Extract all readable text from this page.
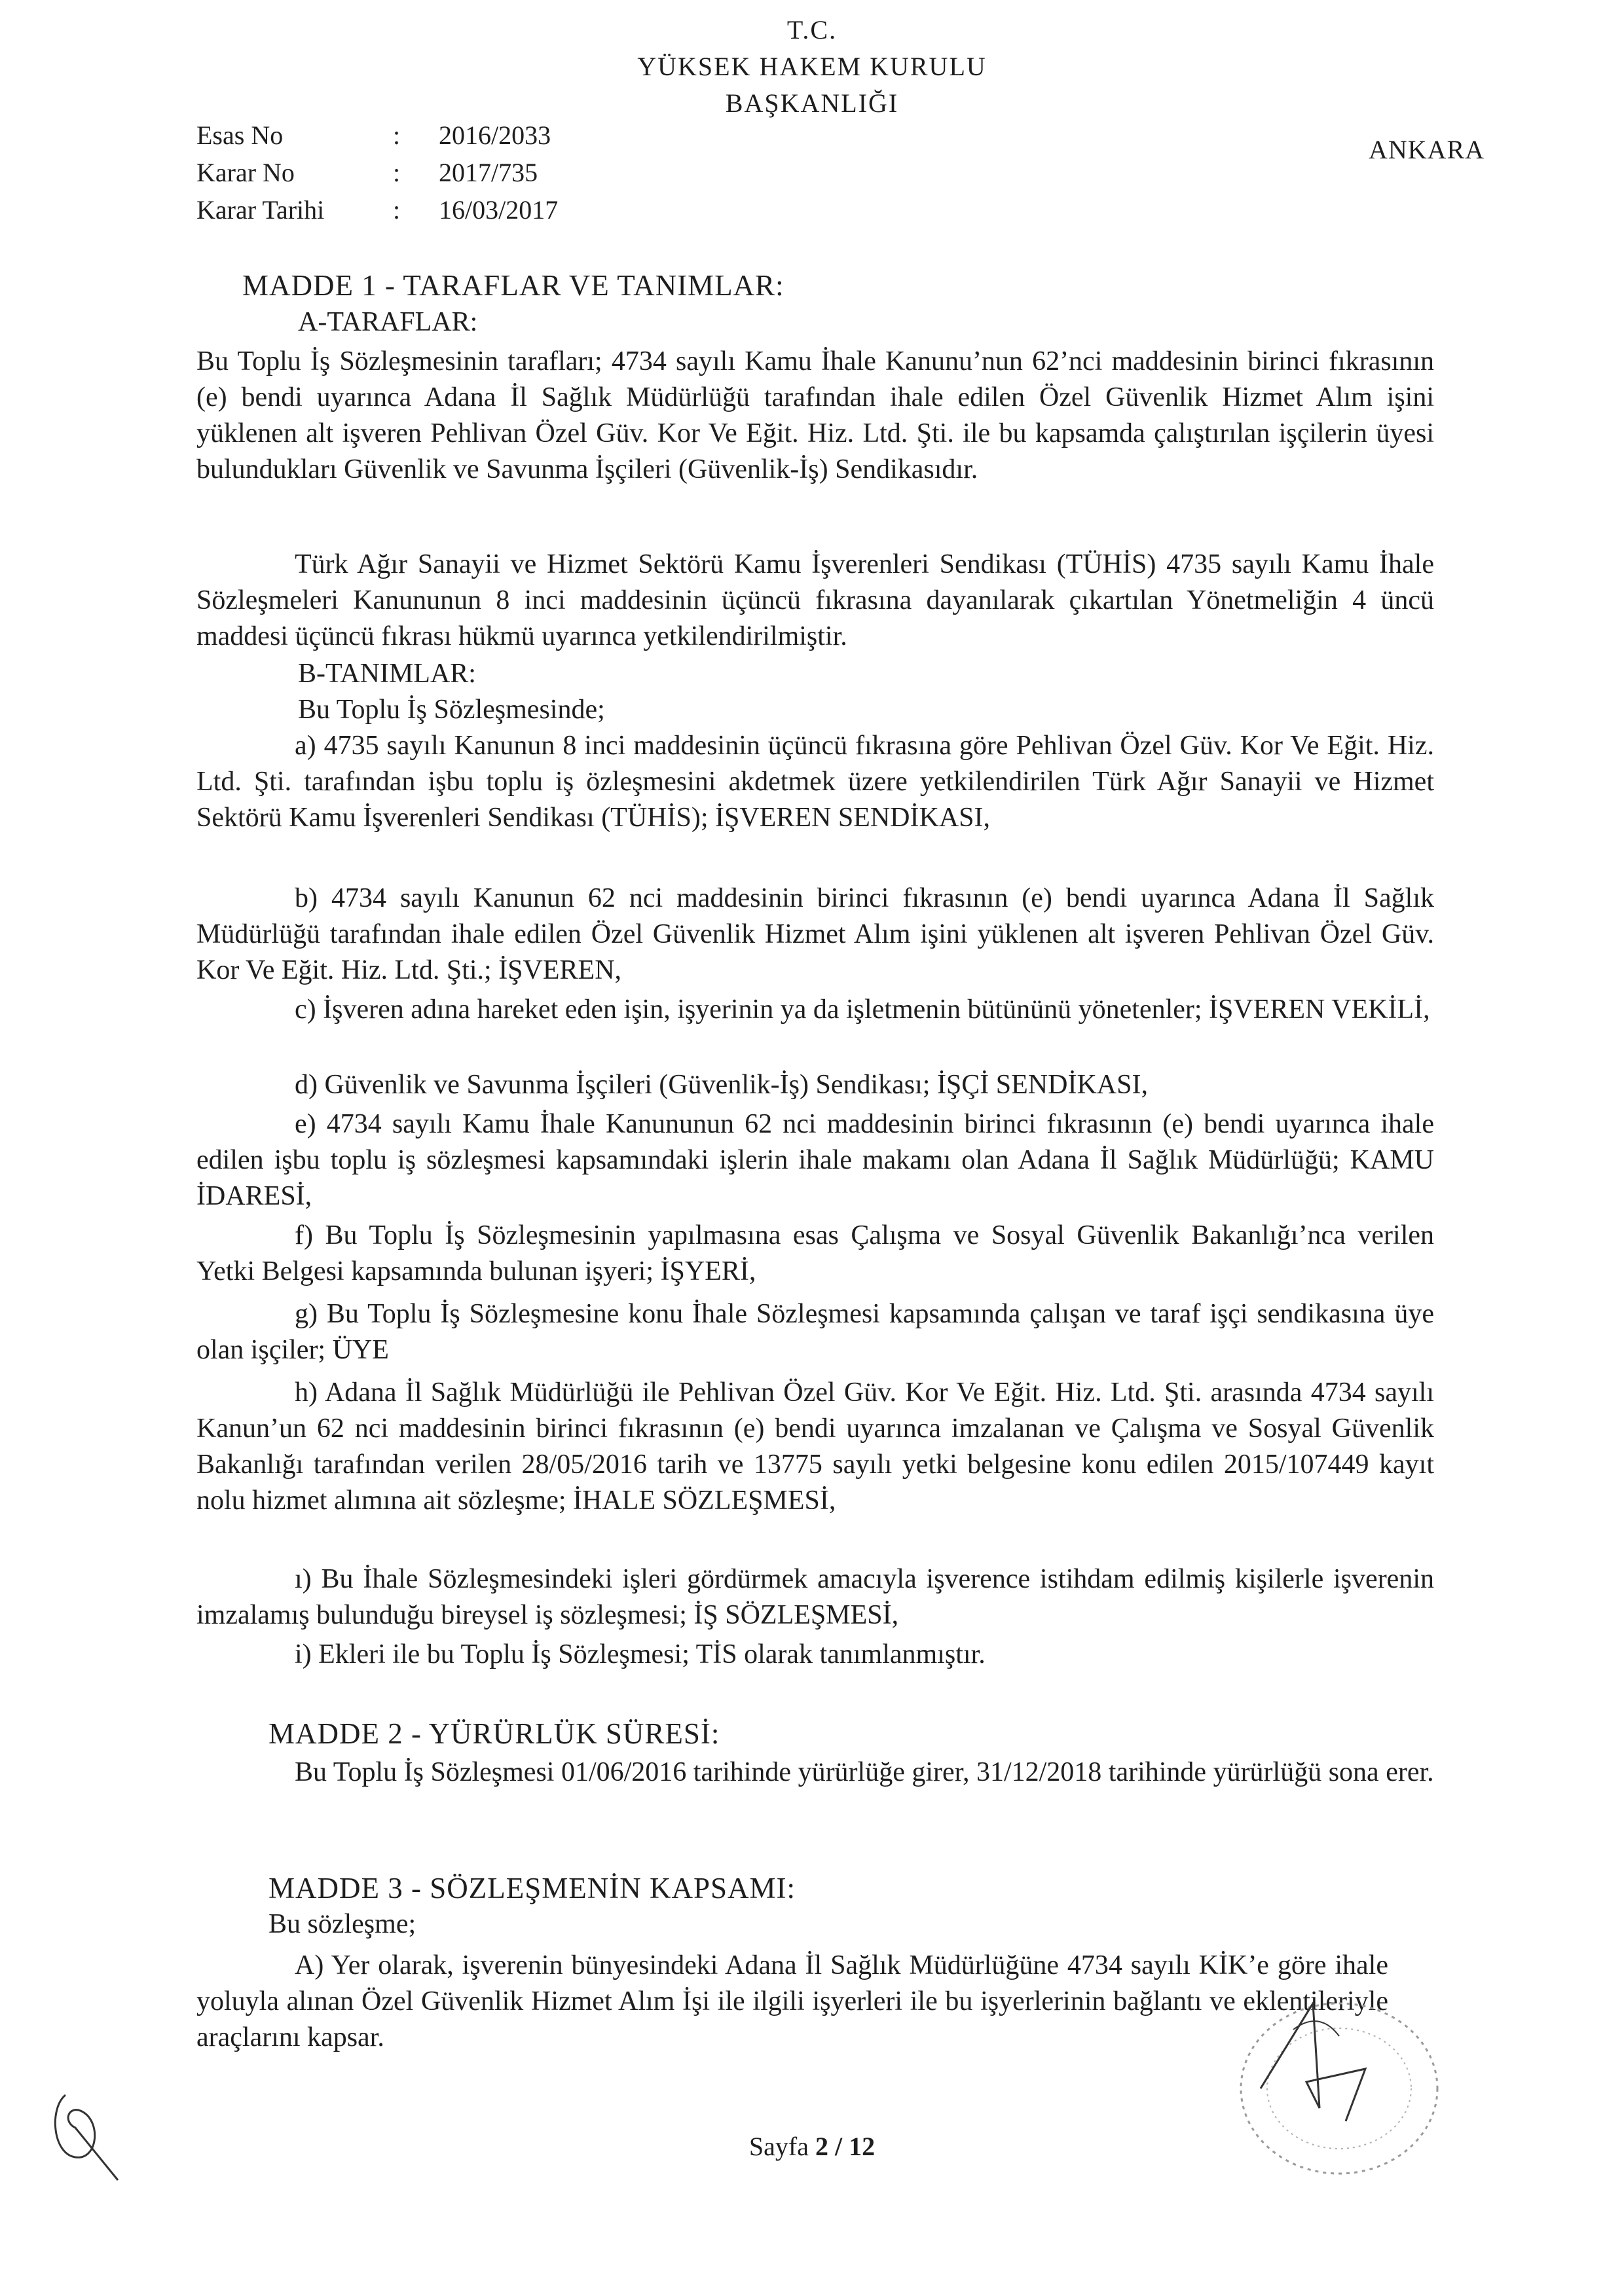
T.C.
YÜKSEK HAKEM KURULU
BAŞKANLIĞI
ANKARA
Esas No	: 2016/2033
Karar No	: 2017/735
Karar Tarihi	: 16/03/2017
MADDE 1 - TARAFLAR VE TANIMLAR:
A-TARAFLAR:

Bu Toplu İş Sözleşmesinin tarafları; 4734 sayılı Kamu İhale Kanunu’nun 62’nci maddesinin birinci fıkrasının (e) bendi uyarınca Adana İl Sağlık Müdürlüğü tarafından ihale edilen Özel Güvenlik Hizmet Alım işini yüklenen alt işveren Pehlivan Özel Güv. Kor Ve Eğit. Hiz. Ltd. Şti. ile bu kapsamda çalıştırılan işçilerin üyesi bulundukları Güvenlik ve Savunma İşçileri (Güvenlik-İş) Sendikasıdır.

Türk Ağır Sanayii ve Hizmet Sektörü Kamu İşverenleri Sendikası (TÜHİS) 4735 sayılı Kamu İhale Sözleşmeleri Kanununun 8 inci maddesinin üçüncü fıkrasına dayanılarak çıkartılan Yönetmeliğin 4 üncü maddesi üçüncü fıkrası hükmü uyarınca yetkilendirilmiştir.

B-TANIMLAR:
Bu Toplu İş Sözleşmesinde;

a) 4735 sayılı Kanunun 8 inci maddesinin üçüncü fıkrasına göre Pehlivan Özel Güv. Kor Ve Eğit. Hiz. Ltd. Şti. tarafından işbu toplu iş özleşmesini akdetmek üzere yetkilendirilen Türk Ağır Sanayii ve Hizmet Sektörü Kamu İşverenleri Sendikası (TÜHİS); İŞVEREN SENDİKASI,

b) 4734 sayılı Kanunun 62 nci maddesinin birinci fıkrasının (e) bendi uyarınca Adana İl Sağlık Müdürlüğü tarafından ihale edilen Özel Güvenlik Hizmet Alım işini yüklenen alt işveren Pehlivan Özel Güv. Kor Ve Eğit. Hiz. Ltd. Şti.; İŞVEREN,

c) İşveren adına hareket eden işin, işyerinin ya da işletmenin bütününü yönetenler; İŞVEREN VEKİLİ,

d) Güvenlik ve Savunma İşçileri (Güvenlik-İş) Sendikası; İŞÇİ SENDİKASI,

e) 4734 sayılı Kamu İhale Kanununun 62 nci maddesinin birinci fıkrasının (e) bendi uyarınca ihale edilen işbu toplu iş sözleşmesi kapsamındaki işlerin ihale makamı olan Adana İl Sağlık Müdürlüğü; KAMU İDARESİ,

f) Bu Toplu İş Sözleşmesinin yapılmasına esas Çalışma ve Sosyal Güvenlik Bakanlığı’nca verilen Yetki Belgesi kapsamında bulunan işyeri; İŞYERİ,

g) Bu Toplu İş Sözleşmesine konu İhale Sözleşmesi kapsamında çalışan ve taraf işçi sendikasına üye olan işçiler; ÜYE

h) Adana İl Sağlık Müdürlüğü ile Pehlivan Özel Güv. Kor Ve Eğit. Hiz. Ltd. Şti. arasında 4734 sayılı Kanun’un 62 nci maddesinin birinci fıkrasının (e) bendi uyarınca imzalanan ve Çalışma ve Sosyal Güvenlik Bakanlığı tarafından verilen 28/05/2016 tarih ve 13775 sayılı yetki belgesine konu edilen 2015/107449 kayıt nolu hizmet alımına ait sözleşme; İHALE SÖZLEŞMESİ,

ı) Bu İhale Sözleşmesindeki işleri gördürmek amacıyla işverence istihdam edilmiş kişilerle işverenin imzalamış bulunduğu bireysel iş sözleşmesi; İŞ SÖZLEŞMESİ,

i) Ekleri ile bu Toplu İş Sözleşmesi; TİS olarak tanımlanmıştır.

MADDE 2 - YÜRÜRLÜK SÜRESİ:

Bu Toplu İş Sözleşmesi 01/06/2016 tarihinde yürürlüğe girer, 31/12/2018 tarihinde yürürlüğü sona erer.

MADDE 3 - SÖZLEŞMENİN KAPSAMI:
Bu sözleşme;

A) Yer olarak, işverenin bünyesindeki Adana İl Sağlık Müdürlüğüne 4734 sayılı KİK’e göre ihale yoluyla alınan Özel Güvenlik Hizmet Alım İşi ile ilgili işyerleri ile bu işyerlerinin bağlantı ve eklentileriyle araçlarını kapsar.

Sayfa 2 / 12
